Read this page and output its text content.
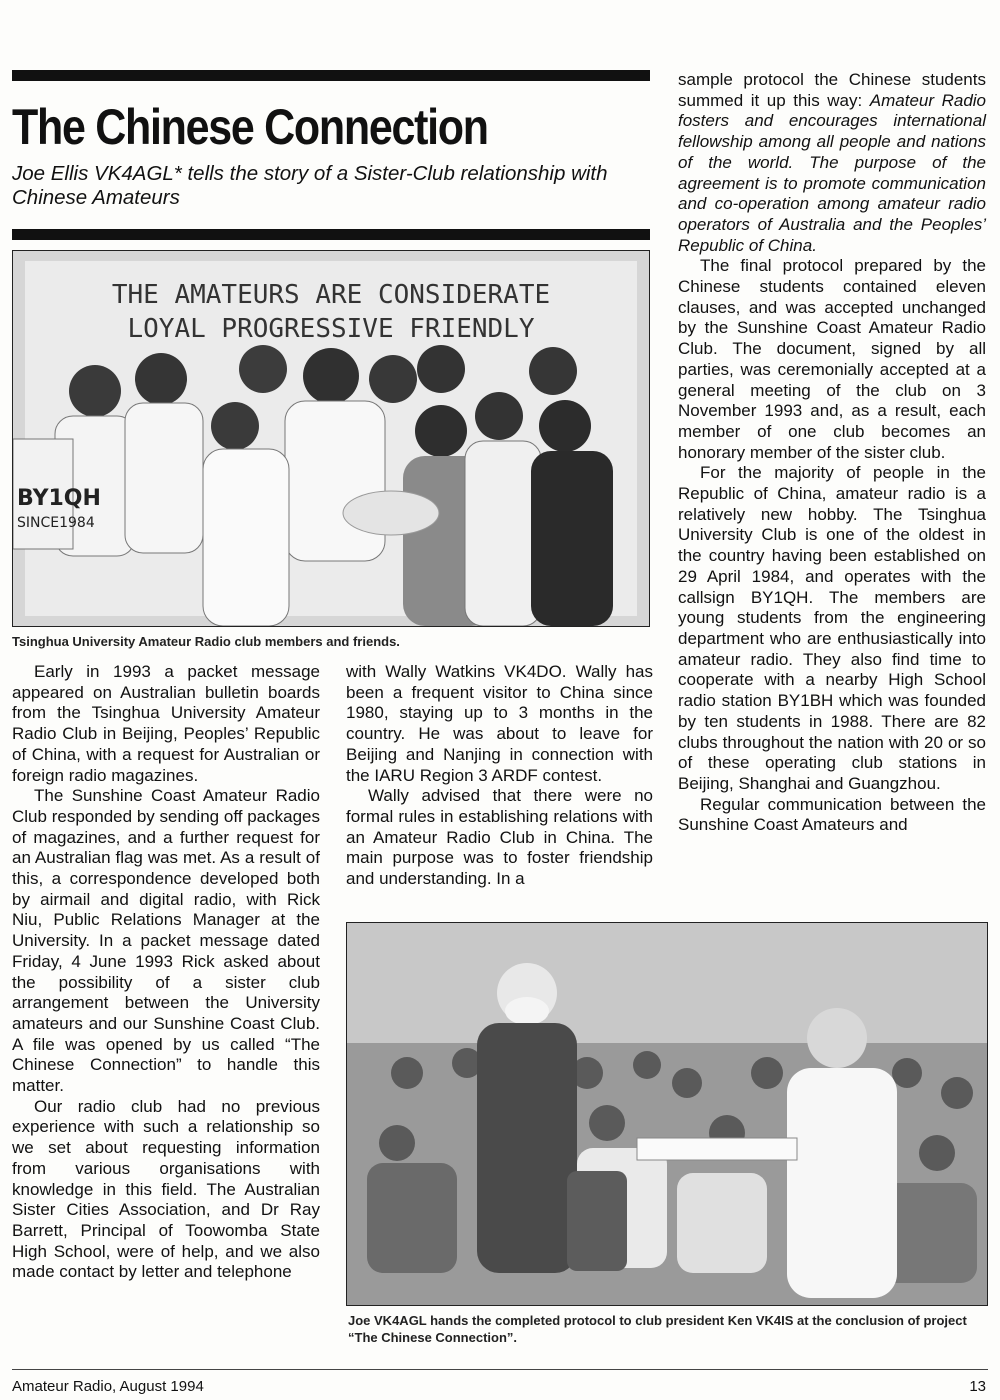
The Chinese Connection

Joe Ellis VK4AGL* tells the story of a Sister-Club relationship with Chinese Amateurs

THE AMATEURS ARE CONSIDERATE
LOYAL PROGRESSIVE FRIENDLY
BY1QH
SINCE1984

Tsinghua University Amateur Radio club members and friends.

Early in 1993 a packet message appeared on Australian bulletin boards from the Tsinghua University Amateur Radio Club in Beijing, Peoples’ Republic of China, with a request for Australian or foreign radio magazines.

The Sunshine Coast Amateur Radio Club responded by sending off packages of magazines, and a further request for an Australian flag was met. As a result of this, a correspondence developed both by airmail and digital radio, with Rick Niu, Public Relations Manager at the University. In a packet message dated Friday, 4 June 1993 Rick asked about the possibility of a sister club arrangement between the University amateurs and our Sunshine Coast Club. A file was opened by us called “The Chinese Connection” to handle this matter.

Our radio club had no previous experience with such a relationship so we set about requesting information from various organisations with knowledge in this field. The Australian Sister Cities Association, and Dr Ray Barrett, Principal of Toowomba State High School, were of help, and we also made contact by letter and telephone

with Wally Watkins VK4DO. Wally has been a frequent visitor to China since 1980, staying up to 3 months in the country. He was about to leave for Beijing and Nanjing in connection with the IARU Region 3 ARDF contest.

Wally advised that there were no formal rules in establishing relations with an Amateur Radio Club in China. The main purpose was to foster friendship and understanding. In a

sample protocol the Chinese students summed it up this way: Amateur Radio fosters and encourages international fellowship among all people and nations of the world. The purpose of the agreement is to promote communication and co-operation among amateur radio operators of Australia and the Peoples’ Republic of China.

The final protocol prepared by the Chinese students contained eleven clauses, and was accepted unchanged by the Sunshine Coast Amateur Radio Club. The document, signed by all parties, was ceremonially accepted at a general meeting of the club on 3 November 1993 and, as a result, each member of one club becomes an honorary member of the sister club.

For the majority of people in the Republic of China, amateur radio is a relatively new hobby. The Tsinghua University Club is one of the oldest in the country having been established on 29 April 1984, and operates with the callsign BY1QH. The members are young students from the engineering department who are enthusiastically into amateur radio. They also find time to cooperate with a nearby High School radio station BY1BH which was founded by ten students in 1988. There are 82 clubs throughout the nation with 20 or so of these operating club stations in Beijing, Shanghai and Guangzhou.

Regular communication between the Sunshine Coast Amateurs and

Joe VK4AGL hands the completed protocol to club president Ken VK4IS at the conclusion of project “The Chinese Connection”.

Amateur Radio, August 1994	13
